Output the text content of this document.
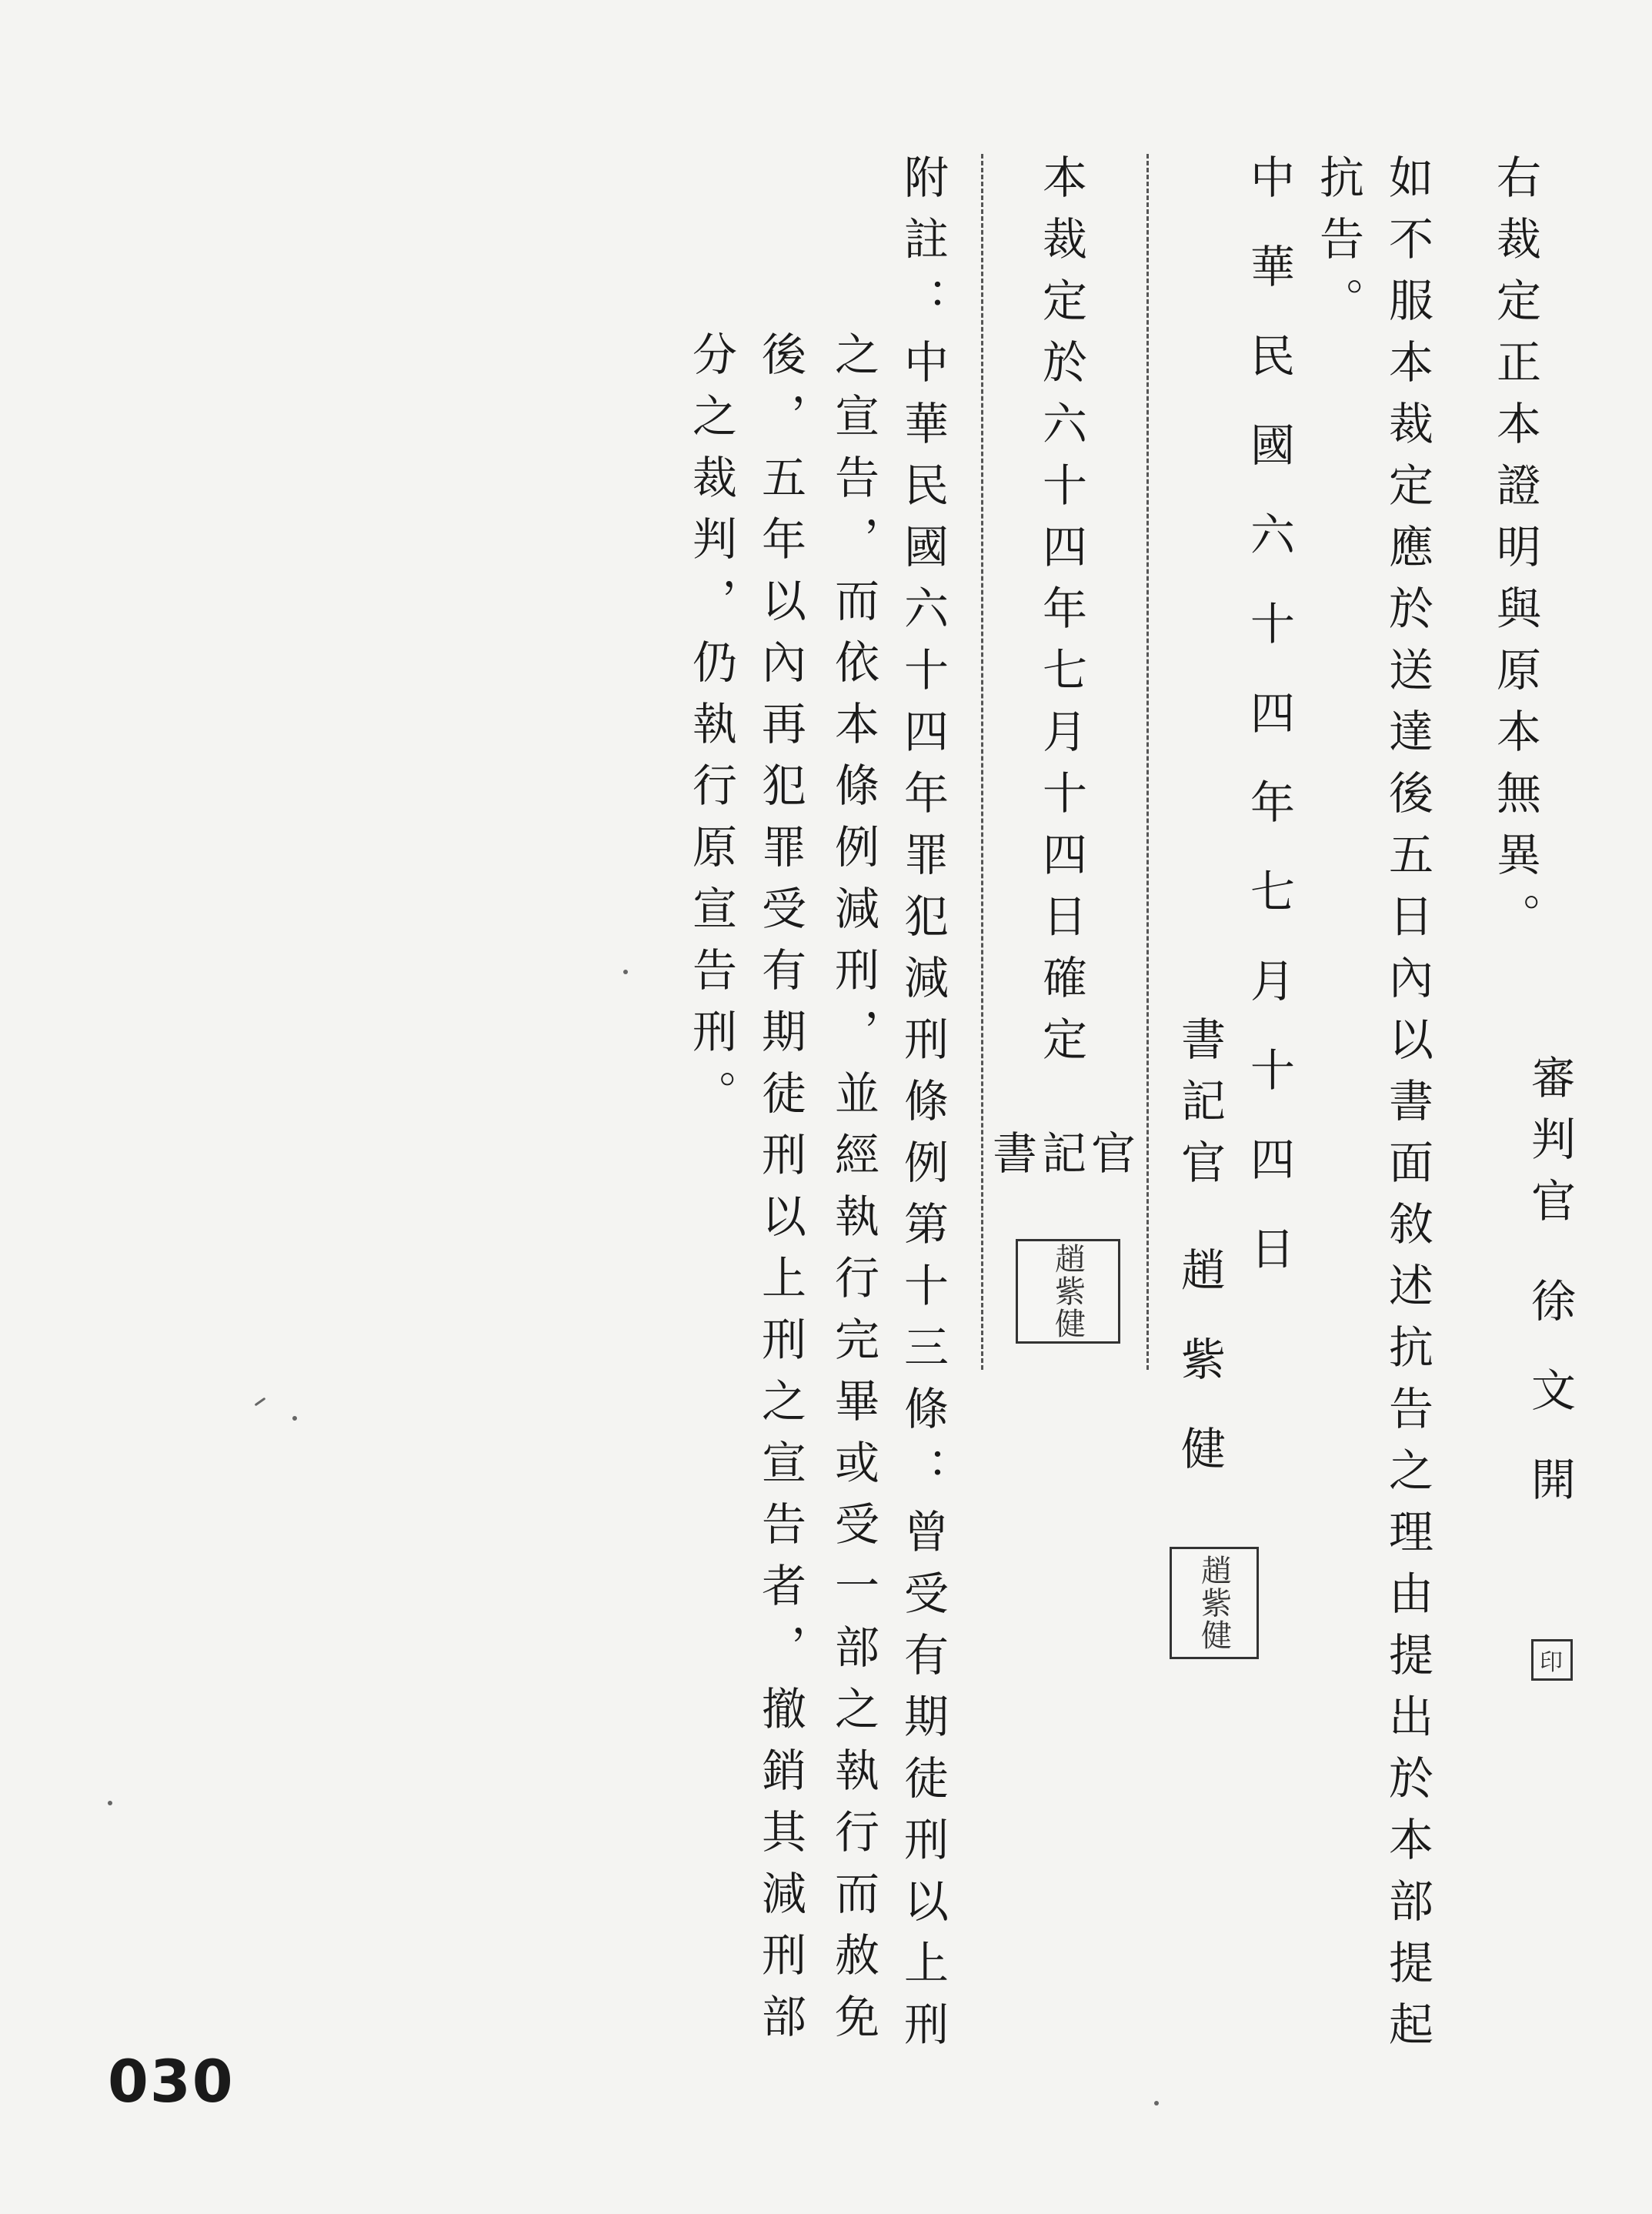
右裁定正本證明與原本無異。
如不服本裁定應於送達後五日內以書面敘述抗告之理由提出於本部提起
抗告。
中　華　民　國　六　十　四　年　七　月　十　四　日	審判官
徐文開
印
書記官
趙紫健
趙紫健
本裁定於六十四年七月十四日確定
書記官
趙紫健
附註：中華民國六十四年罪犯減刑條例第十三條：曾受有期徒刑以上刑
之宣告，而依本條例減刑，並經執行完畢或受一部之執行而赦免
後，五年以內再犯罪受有期徒刑以上刑之宣告者，撤銷其減刑部
分之裁判，仍執行原宣告刑。
030
